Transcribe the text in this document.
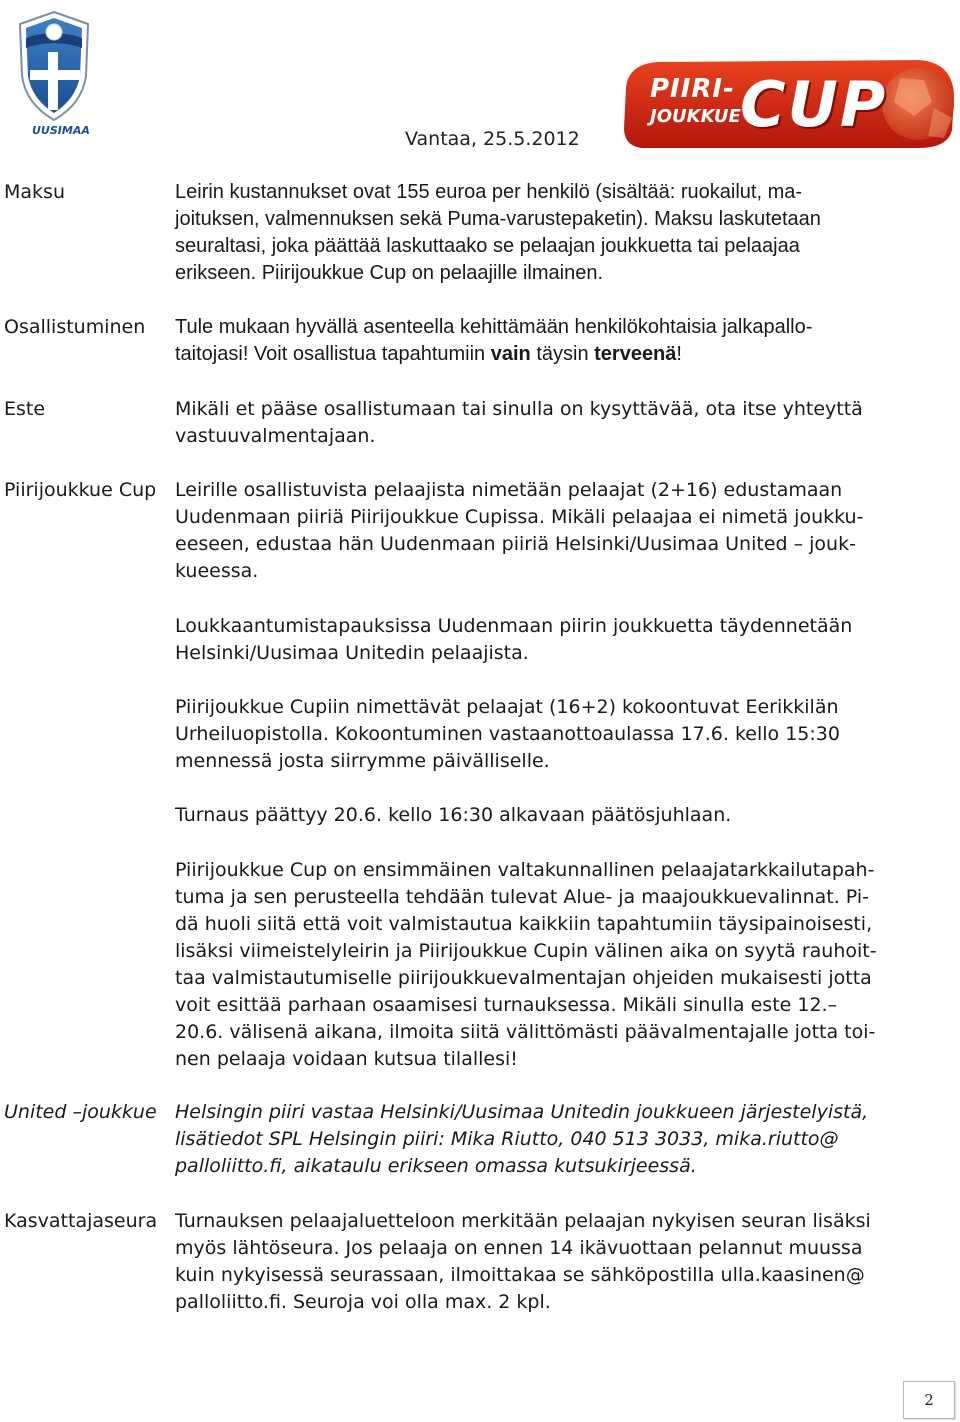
UUSIMAA
PIIRI-
JOUKKUE CUP
Vantaa, 25.5.2012
Maksu	Leirin kustannukset ovat 155 euroa per henkilö (sisältää: ruokailut, ma-
joituksen, valmennuksen sekä Puma-varustepaketin). Maksu laskutetaan
seuraltasi, joka päättää laskuttaako se pelaajan joukkuetta tai pelaajaa
erikseen. Piirijoukkue Cup on pelaajille ilmainen.
Osallistuminen Tule mukaan hyvällä asenteella kehittämään henkilökohtaisia jalkapallo-
taitojasi! Voit osallistua tapahtumiin vain täysin terveenä!
Este	Mikäli et pääse osallistumaan tai sinulla on kysyttävää, ota itse yhteyttä
vastuuvalmentajaan.
Piirijoukkue Cup Leirille osallistuvista pelaajista nimetään pelaajat (2+16) edustamaan
Uudenmaan piiriä Piirijoukkue Cupissa. Mikäli pelaajaa ei nimetä joukku-
eeseen, edustaa hän Uudenmaan piiriä Helsinki/Uusimaa United – jouk-
kueessa.
Loukkaantumistapauksissa Uudenmaan piirin joukkuetta täydennetään
Helsinki/Uusimaa Unitedin pelaajista.
Piirijoukkue Cupiin nimettävät pelaajat (16+2) kokoontuvat Eerikkilän
Urheiluopistolla. Kokoontuminen vastaanottoaulassa 17.6. kello 15:30
mennessä josta siirrymme päivälliselle.
Turnaus päättyy 20.6. kello 16:30 alkavaan päätösjuhlaan.
Piirijoukkue Cup on ensimmäinen valtakunnallinen pelaajatarkkailutapah-
tuma ja sen perusteella tehdään tulevat Alue- ja maajoukkuevalinnat. Pi-
dä huoli siitä että voit valmistautua kaikkiin tapahtumiin täysipainoisesti,
lisäksi viimeistelyleirin ja Piirijoukkue Cupin välinen aika on syytä rauhoit-
taa valmistautumiselle piirijoukkuevalmentajan ohjeiden mukaisesti jotta
voit esittää parhaan osaamisesi turnauksessa. Mikäli sinulla este 12.–
20.6. välisenä aikana, ilmoita siitä välittömästi päävalmentajalle jotta toi-
nen pelaaja voidaan kutsua tilallesi!
United –joukkue Helsingin piiri vastaa Helsinki/Uusimaa Unitedin joukkueen järjestelyistä,
lisätiedot SPL Helsingin piiri: Mika Riutto, 040 513 3033, mika.riutto@
palloliitto.fi, aikataulu erikseen omassa kutsukirjeessä.
Kasvattajaseura Turnauksen pelaajaluetteloon merkitään pelaajan nykyisen seuran lisäksi
myös lähtöseura. Jos pelaaja on ennen 14 ikävuottaan pelannut muussa
kuin nykyisessä seurassaan, ilmoittakaa se sähköpostilla ulla.kaasinen@
palloliitto.fi. Seuroja voi olla max. 2 kpl.
2
